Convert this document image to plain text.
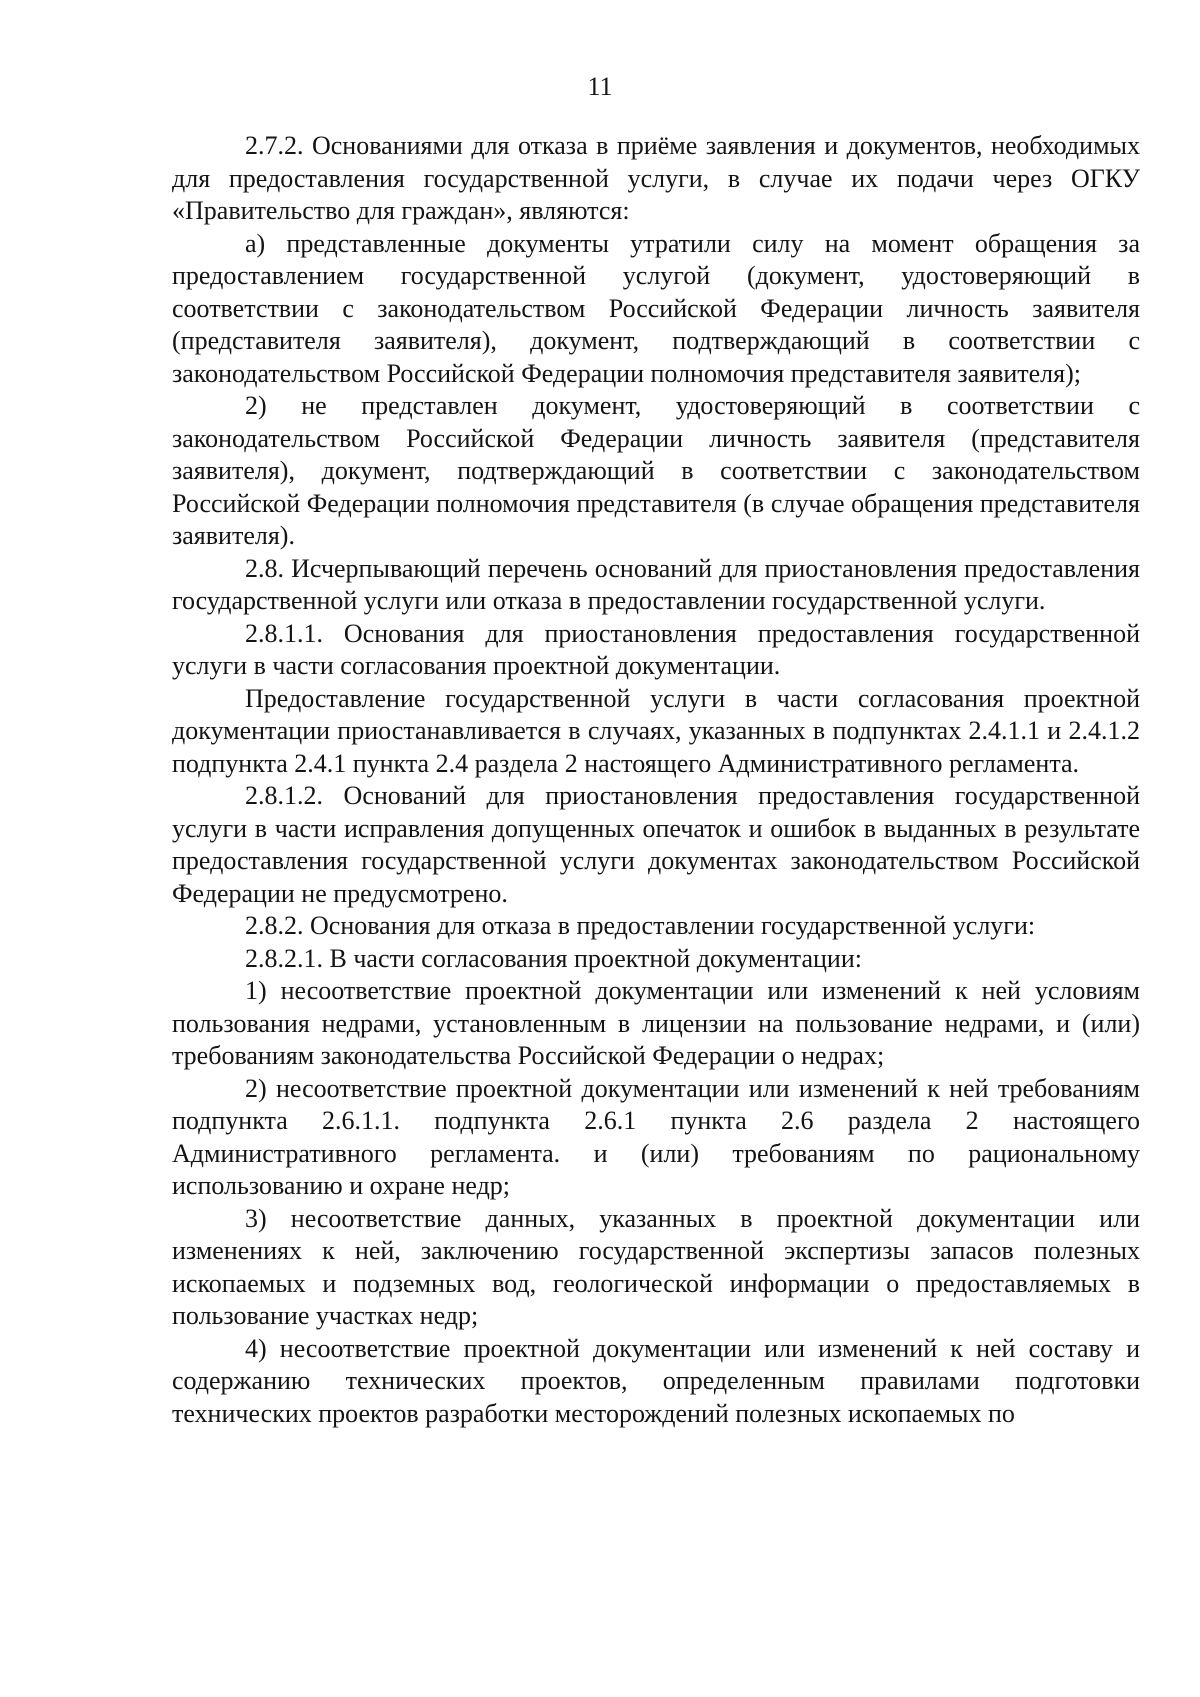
11

2.7.2. Основаниями для отказа в приёме заявления и документов, необходимых для предоставления государственной услуги, в случае их подачи через ОГКУ «Правительство для граждан», являются:

а) представленные документы утратили силу на момент обращения за предоставлением государственной услугой (документ, удостоверяющий в соответствии с законодательством Российской Федерации личность заявителя (представителя заявителя), документ, подтверждающий в соответствии с законодательством Российской Федерации полномочия представителя заявителя);

2) не представлен документ, удостоверяющий в соответствии с законодательством Российской Федерации личность заявителя (представителя заявителя), документ, подтверждающий в соответствии с законодательством Российской Федерации полномочия представителя (в случае обращения представителя заявителя).

2.8. Исчерпывающий перечень оснований для приостановления предоставления государственной услуги или отказа в предоставлении государственной услуги.

2.8.1.1. Основания для приостановления предоставления государственной услуги в части согласования проектной документации.

Предоставление государственной услуги в части согласования проектной документации приостанавливается в случаях, указанных в подпунктах 2.4.1.1 и 2.4.1.2 подпункта 2.4.1 пункта 2.4 раздела 2 настоящего Административного регламента.

2.8.1.2. Оснований для приостановления предоставления государственной услуги в части исправления допущенных опечаток и ошибок в выданных в результате предоставления государственной услуги документах законодательством Российской Федерации не предусмотрено.

2.8.2. Основания для отказа в предоставлении государственной услуги:

2.8.2.1. В части согласования проектной документации:

1) несоответствие проектной документации или изменений к ней условиям пользования недрами, установленным в лицензии на пользование недрами, и (или) требованиям законодательства Российской Федерации о недрах;

2) несоответствие проектной документации или изменений к ней требованиям подпункта 2.6.1.1. подпункта 2.6.1 пункта 2.6 раздела 2 настоящего Административного регламента. и (или) требованиям по рациональному использованию и охране недр;

3) несоответствие данных, указанных в проектной документации или изменениях к ней, заключению государственной экспертизы запасов полезных ископаемых и подземных вод, геологической информации о предоставляемых в пользование участках недр;

4) несоответствие проектной документации или изменений к ней составу и содержанию технических проектов, определенным правилами подготовки технических проектов разработки месторождений полезных ископаемых по
